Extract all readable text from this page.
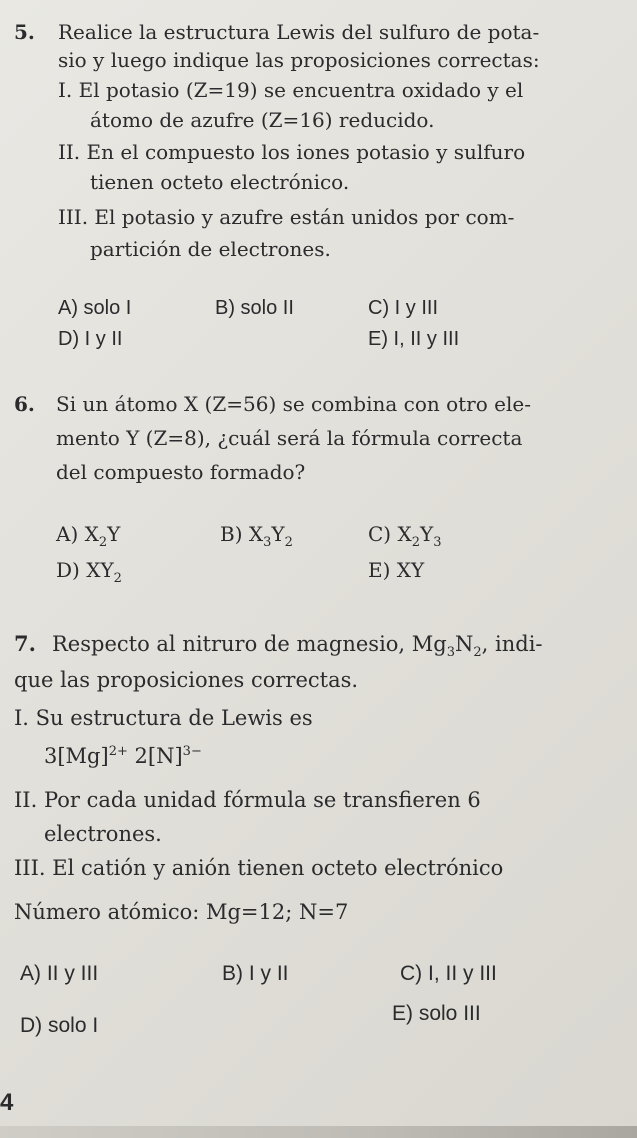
5. Realice la estructura Lewis del sulfuro de pota-
sio y luego indique las proposiciones correctas:
I. El potasio (Z=19) se encuentra oxidado y el
átomo de azufre (Z=16) reducido.
II. En el compuesto los iones potasio y sulfuro
tienen octeto electrónico.
III. El potasio y azufre están unidos por com-
partición de electrones.
A) solo I	B) solo II	C) I y III
D) I y II	E) I, II y III
6. Si un átomo X (Z=56) se combina con otro ele-
mento Y (Z=8), ¿cuál será la fórmula correcta
del compuesto formado?
A) $X_2Y$	B) $X_3Y_2$	C) $X_2Y_3$
D) $XY_2$	E) XY
7. Respecto al nitruro de magnesio, $Mg_3N_2$, indi-
que las proposiciones correctas.
I. Su estructura de Lewis es
$3[Mg]^{2+}$ $2[N]^{3-}$
II. Por cada unidad fórmula se transfieren 6
electrones.
III. El catión y anión tienen octeto electrónico
Número atómico: Mg=12; N=7
A) II y III	B) I y II	C) I, II y III
D) solo I
E) solo III
4
